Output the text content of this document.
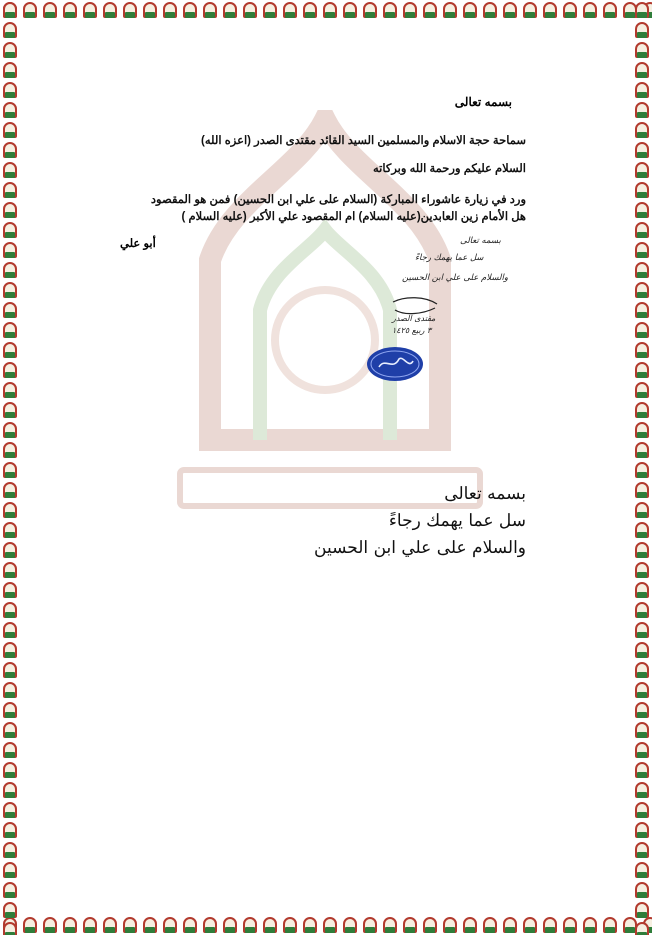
بسمه تعالى
سماحة حجة الاسلام والمسلمين السيد القائد مقتدى الصدر (اعزه الله)
السلام عليكم ورحمة الله وبركاته
ورد في زيارة عاشوراء المباركة (السلام على علي ابن الحسين) فمن هو المقصود
هل الأمام زين العابدين(عليه السلام) ام المقصود علي الأكبر (عليه السلام )
أبو علي	بسمه تعالى
سل عما يهمك رجاءً
والسلام على علي ابن الحسين
مقتدى الصدر
٣ ربيع ١٤٢٥
بسمه تعالى
سل عما يهمك رجاءً
والسلام على علي ابن الحسين
